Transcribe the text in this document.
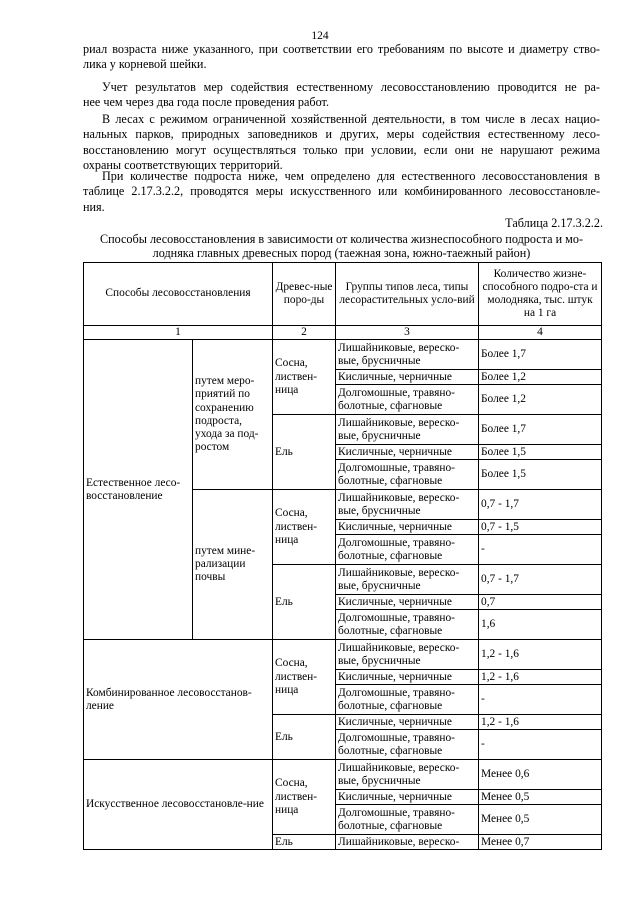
124

риал возраста ниже указанного, при соответствии его требованиям по высоте и диаметру ство-
лика у корневой шейки.

Учет результатов мер содействия естественному лесовосстановлению проводится не ра-
нее чем через два года после проведения работ.

В лесах с режимом ограниченной хозяйственной деятельности, в том числе в лесах нацио-
нальных парков, природных заповедников и других, меры содействия естественному лесо-
восстановлению могут осуществляться только при условии, если они не нарушают режима
охраны соответствующих территорий.

При количестве подроста ниже, чем определено для естественного лесовосстановления в
таблице 2.17.3.2.2, проводятся меры искусственного или комбинированного лесовосстановле-
ния.

Таблица 2.17.3.2.2.
Способы лесовосстановления в зависимости от количества жизнеспособного подроста и мо-
лодняка главных древесных пород (таежная зона, южно-таежный район)
Способы лесовосстановления		Древес-ные поро-ды	Группы типов леса, типы лесорастительных усло-вий	Количество жизне-способного подро-ста и молодняка, тыс. штук на 1 га
1		2	3	4
Естественное лесо-восстановление	путем меро-приятий по сохранению подроста, ухода за под-ростом	Сосна, листвен-ница	Лишайниковые, вереско-вые, брусничные	Более 1,7
			Кисличные, черничные	Более 1,2
			Долгомошные, травяно-болотные, сфагновые	Более 1,2
		Ель	Лишайниковые, вереско-вые, брусничные	Более 1,7
			Кисличные, черничные	Более 1,5
			Долгомошные, травяно-болотные, сфагновые	Более 1,5
	путем мине-рализации почвы	Сосна, листвен-ница	Лишайниковые, вереско-вые, брусничные	0,7 - 1,7
			Кисличные, черничные	0,7 - 1,5
			Долгомошные, травяно-болотные, сфагновые	-
		Ель	Лишайниковые, вереско-вые, брусничные	0,7 - 1,7
			Кисличные, черничные	0,7
			Долгомошные, травяно-болотные, сфагновые	1,6
Комбинированное лесовосстанов-ление		Сосна, листвен-ница	Лишайниковые, вереско-вые, брусничные	1,2 - 1,6
			Кисличные, черничные	1,2 - 1,6
			Долгомошные, травяно-болотные, сфагновые	-
		Ель	Кисличные, черничные	1,2 - 1,6
			Долгомошные, травяно-болотные, сфагновые	-
Искусственное лесовосстановле-ние		Сосна, листвен-ница	Лишайниковые, вереско-вые, брусничные	Менее 0,6
			Кисличные, черничные	Менее 0,5
			Долгомошные, травяно-болотные, сфагновые	Менее 0,5
		Ель	Лишайниковые, вереско-	Менее 0,7
